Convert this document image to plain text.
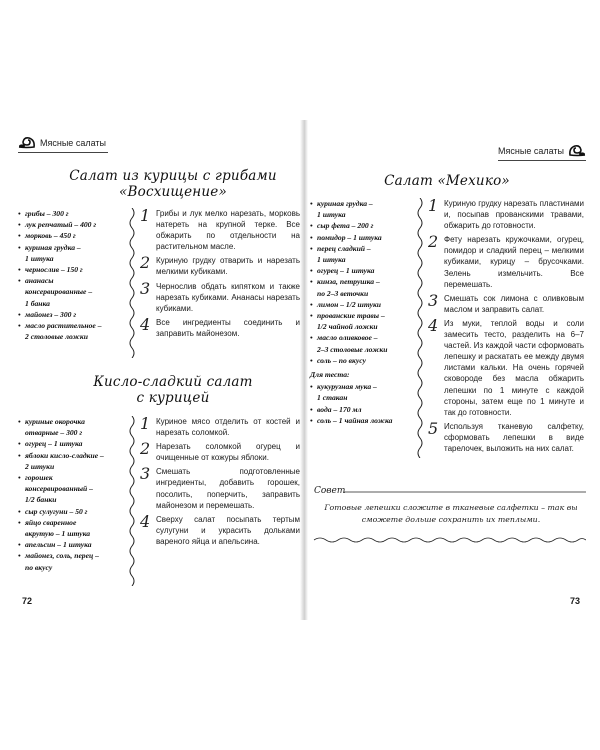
Мясные салаты
Салат из курицы с грибами
«Восхищение»
• грибы – 300 г
• лук репчатый – 400 г
• морковь – 450 г
• куриная грудка –
1 штука
• чернослив – 150 г
• ананасы
консервированные –
1 банка
• майонез – 300 г
• масло растительное –
2 столовые ложки
1 Грибы и лук мелко нарезать, морковь натереть на крупной терке. Все обжарить по отдельности на растительном масле.
2 Куриную грудку отварить и нарезать мелкими кубиками.
3 Чернослив обдать кипятком и также нарезать кубиками. Ананасы нарезать кубиками.
4 Все ингредиенты соединить и заправить майонезом.
Кисло-сладкий салат
с курицей
• куриные окорочка
отварные – 300 г
• огурец – 1 штука
• яблоки кисло-сладкие –
2 штуки
• горошек
консервированный –
1/2 банки
• сыр сулугуни – 50 г
• яйцо сваренное
вкрутую – 1 штука
• апельсин – 1 штука
• майонез, соль, перец –
по вкусу
1 Куриное мясо отделить от костей и нарезать соломкой.
2 Нарезать соломкой огурец и очищенные от кожуры яблоки.
3 Смешать подготовленные ингредиенты, добавить горошек, посолить, поперчить, заправить майонезом и перемешать.
4 Сверху салат посыпать тертым сулугуни и украсить дольками вареного яйца и апельсина.
72
Мясные салаты
Салат «Мехико»
• куриная грудка –
1 штука
• сыр фета – 200 г
• помидор – 1 штука
• перец сладкий –
1 штука
• огурец – 1 штука
• кинза, петрушка –
по 2–3 веточки
• лимон – 1/2 штуки
• прованские травы –
1/2 чайной ложки
• масло оливковое –
2–3 столовые ложки
• соль – по вкусу
Для теста:
• кукурузная мука –
1 стакан
• вода – 170 мл
• соль – 1 чайная ложка
1 Куриную грудку нарезать пластинами и, посыпав прованскими травами, обжарить до готовности.
2 Фету нарезать кружочками, огурец, помидор и сладкий перец – мелкими кубиками, курицу – брусочками. Зелень измельчить. Все перемешать.
3 Смешать сок лимона с оливковым маслом и заправить салат.
4 Из муки, теплой воды и соли замесить тесто, разделить на 6–7 частей. Из каждой части сформовать лепешку и раскатать ее между двумя листами кальки. На очень горячей сковороде без масла обжарить лепешки по 1 минуте с каждой стороны, затем еще по 1 минуте и так до готовности.
5 Используя тканевую салфетку, сформовать лепешки в виде тарелочек, выложить на них салат.
Совет
Готовые лепешки сложите в тканевые салфетки – так вы сможете дольше сохранить их теплыми.
73
